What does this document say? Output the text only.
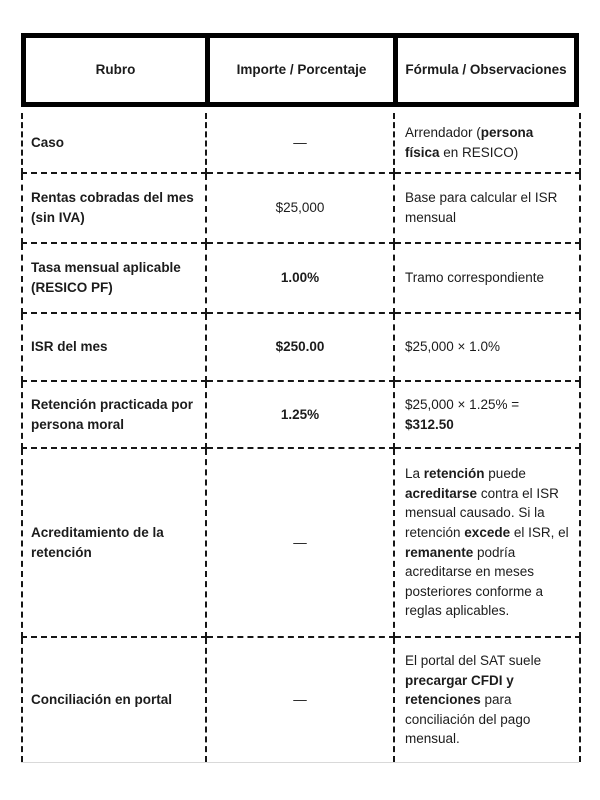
Rubro	Importe / Porcentaje	Fórmula / Observaciones
Caso	—	Arrendador (persona física en RESICO)
Rentas cobradas del mes (sin IVA)	$25,000	Base para calcular el ISR mensual
Tasa mensual aplicable (RESICO PF)	1.00%	Tramo correspondiente
ISR del mes	$250.00	$25,000 × 1.0%
Retención practicada por persona moral	1.25%	$25,000 × 1.25% = $312.50
Acreditamiento de la retención	—	La retención puede acreditarse contra el ISR mensual causado. Si la retención excede el ISR, el remanente podría acreditarse en meses posteriores conforme a reglas aplicables.
Conciliación en portal	—	El portal del SAT suele precargar CFDI y retenciones para conciliación del pago mensual.
